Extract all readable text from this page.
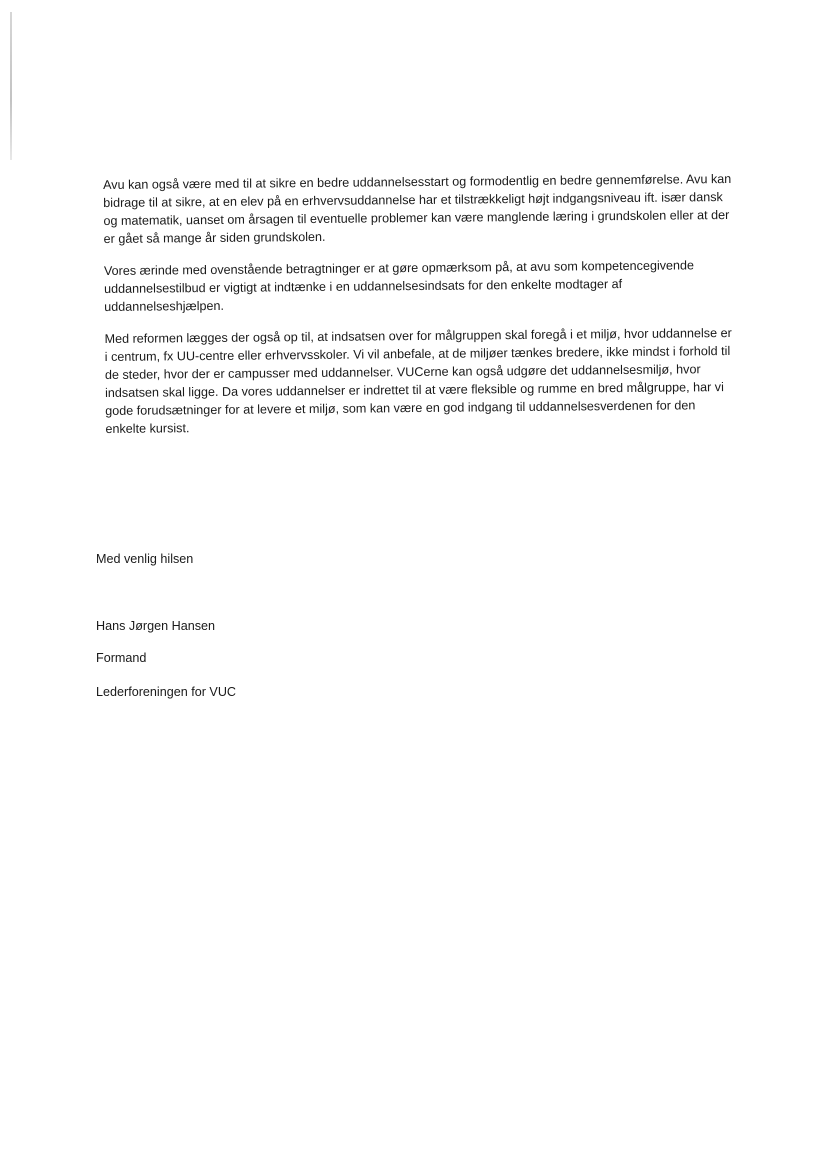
Avu kan også være med til at sikre en bedre uddannelsesstart og formodentlig en bedre gennemførelse. Avu kan bidrage til at sikre, at en elev på en erhvervsuddannelse har et tilstrækkeligt højt indgangsniveau ift. især dansk og matematik, uanset om årsagen til eventuelle problemer kan være manglende læring i grundskolen eller at der er gået så mange år siden grundskolen.

Vores ærinde med ovenstående betragtninger er at gøre opmærksom på, at avu som kompetencegivende uddannelsestilbud er vigtigt at indtænke i en uddannelsesindsats for den enkelte modtager af uddannelseshjælpen.

Med reformen lægges der også op til, at indsatsen over for målgruppen skal foregå i et miljø, hvor uddannelse er i centrum, fx UU-centre eller erhvervsskoler. Vi vil anbefale, at de miljøer tænkes bredere, ikke mindst i forhold til de steder, hvor der er campusser med uddannelser. VUCerne kan også udgøre det uddannelsesmiljø, hvor indsatsen skal ligge. Da vores uddannelser er indrettet til at være fleksible og rumme en bred målgruppe, har vi gode forudsætninger for at levere et miljø, som kan være en god indgang til uddannelsesverdenen for den enkelte kursist.

Med venlig hilsen
Hans Jørgen Hansen
Formand
Lederforeningen for VUC
